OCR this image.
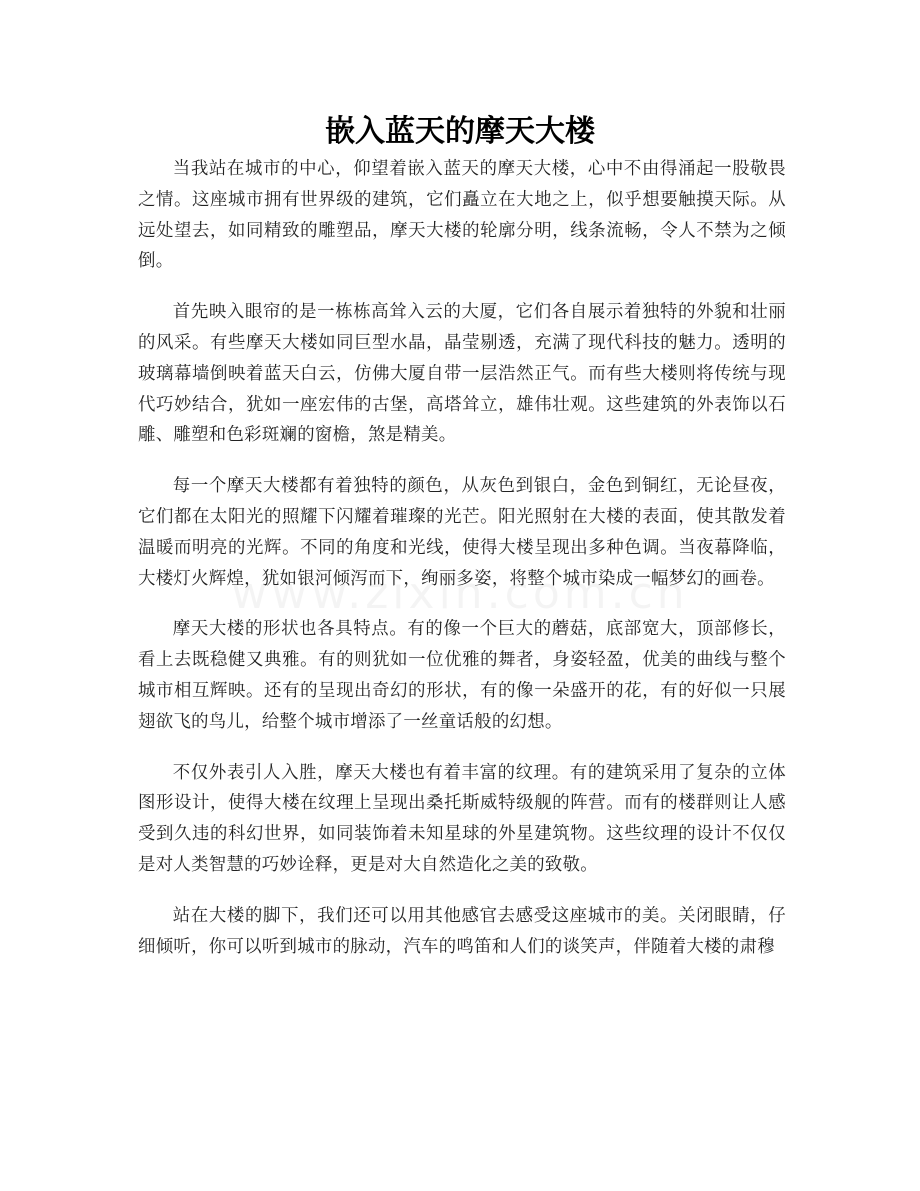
嵌入蓝天的摩天大楼

当我站在城市的中心，仰望着嵌入蓝天的摩天大楼，心中不由得涌起一股敬畏之情。这座城市拥有世界级的建筑，它们矗立在大地之上，似乎想要触摸天际。从远处望去，如同精致的雕塑品，摩天大楼的轮廓分明，线条流畅，令人不禁为之倾倒。

首先映入眼帘的是一栋栋高耸入云的大厦，它们各自展示着独特的外貌和壮丽的风采。有些摩天大楼如同巨型水晶，晶莹剔透，充满了现代科技的魅力。透明的玻璃幕墙倒映着蓝天白云，仿佛大厦自带一层浩然正气。而有些大楼则将传统与现代巧妙结合，犹如一座宏伟的古堡，高塔耸立，雄伟壮观。这些建筑的外表饰以石雕、雕塑和色彩斑斓的窗檐，煞是精美。

每一个摩天大楼都有着独特的颜色，从灰色到银白，金色到铜红，无论昼夜，它们都在太阳光的照耀下闪耀着璀璨的光芒。阳光照射在大楼的表面，使其散发着温暖而明亮的光辉。不同的角度和光线，使得大楼呈现出多种色调。当夜幕降临，大楼灯火辉煌，犹如银河倾泻而下，绚丽多姿，将整个城市染成一幅梦幻的画卷。

摩天大楼的形状也各具特点。有的像一个巨大的蘑菇，底部宽大，顶部修长，看上去既稳健又典雅。有的则犹如一位优雅的舞者，身姿轻盈，优美的曲线与整个城市相互辉映。还有的呈现出奇幻的形状，有的像一朵盛开的花，有的好似一只展翅欲飞的鸟儿，给整个城市增添了一丝童话般的幻想。

不仅外表引人入胜，摩天大楼也有着丰富的纹理。有的建筑采用了复杂的立体图形设计，使得大楼在纹理上呈现出桑托斯威特级舰的阵营。而有的楼群则让人感受到久违的科幻世界，如同装饰着未知星球的外星建筑物。这些纹理的设计不仅仅是对人类智慧的巧妙诠释，更是对大自然造化之美的致敬。

站在大楼的脚下，我们还可以用其他感官去感受这座城市的美。关闭眼睛，仔细倾听，你可以听到城市的脉动，汽车的鸣笛和人们的谈笑声，伴随着大楼的肃穆
